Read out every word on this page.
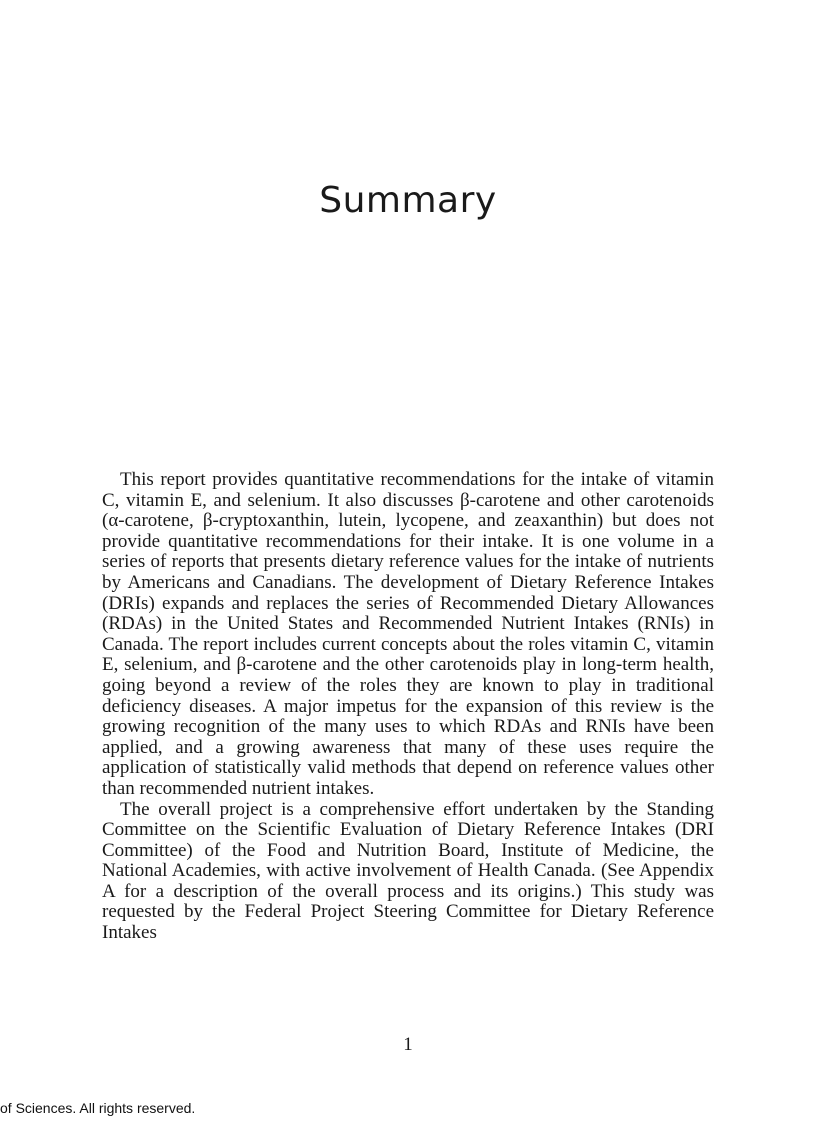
Summary

This report provides quantitative recommendations for the intake of vitamin C, vitamin E, and selenium. It also discusses β-carotene and other carotenoids (α-carotene, β-cryptoxanthin, lutein, lycopene, and zeaxanthin) but does not provide quantitative recommendations for their intake. It is one volume in a series of reports that presents dietary reference values for the intake of nutrients by Americans and Canadians. The development of Dietary Reference Intakes (DRIs) expands and replaces the series of Recommended Dietary Allowances (RDAs) in the United States and Recommended Nutrient Intakes (RNIs) in Canada. The report includes current concepts about the roles vitamin C, vitamin E, selenium, and β-carotene and the other carotenoids play in long-term health, going beyond a review of the roles they are known to play in traditional deficiency diseases. A major impetus for the expansion of this review is the growing recognition of the many uses to which RDAs and RNIs have been applied, and a growing awareness that many of these uses require the application of statistically valid methods that depend on reference values other than recommended nutrient intakes.

The overall project is a comprehensive effort undertaken by the Standing Committee on the Scientific Evaluation of Dietary Reference Intakes (DRI Committee) of the Food and Nutrition Board, Institute of Medicine, the National Academies, with active involvement of Health Canada. (See Appendix A for a description of the overall process and its origins.) This study was requested by the Federal Project Steering Committee for Dietary Reference Intakes

1
of Sciences. All rights reserved.
